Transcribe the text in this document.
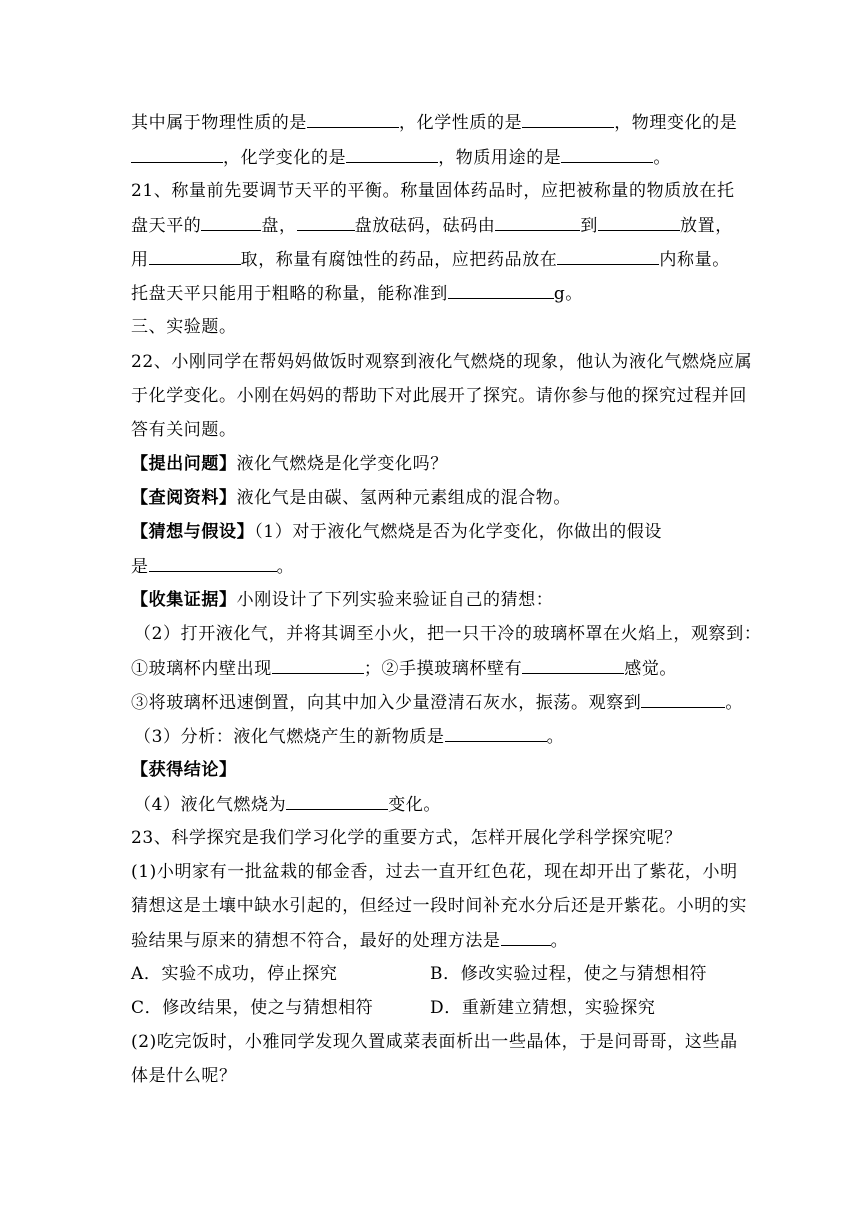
其中属于物理性质的是	，化学性质的是	，物理变化的是
，化学变化的是	，物质用途的是	。
21、称量前先要调节天平的平衡。称量固体药品时，应把被称量的物质放在托
盘天平的	盘，	盘放砝码，砝码由	到	放置，
用	取，称量有腐蚀性的药品，应把药品放在	内称量。
托盘天平只能用于粗略的称量，能称准到	g。
三、实验题。
22、小刚同学在帮妈妈做饭时观察到液化气燃烧的现象，他认为液化气燃烧应属
于化学变化。小刚在妈妈的帮助下对此展开了探究。请你参与他的探究过程并回
答有关问题。
【提出问题】液化气燃烧是化学变化吗？
【查阅资料】液化气是由碳、氢两种元素组成的混合物。
【猜想与假设】（1）对于液化气燃烧是否为化学变化，你做出的假设
是	。
【收集证据】小刚设计了下列实验来验证自己的猜想：
（2）打开液化气，并将其调至小火，把一只干冷的玻璃杯罩在火焰上，观察到：
①玻璃杯内壁出现	；②手摸玻璃杯壁有	感觉。
③将玻璃杯迅速倒置，向其中加入少量澄清石灰水，振荡。观察到	。
（3）分析：液化气燃烧产生的新物质是	。
【获得结论】
（4）液化气燃烧为	变化。
23、科学探究是我们学习化学的重要方式，怎样开展化学科学探究呢？
(1)小明家有一批盆栽的郁金香，过去一直开红色花，现在却开出了紫花，小明
猜想这是土壤中缺水引起的，但经过一段时间补充水分后还是开紫花。小明的实
验结果与原来的猜想不符合，最好的处理方法是	。
A．实验不成功，停止探究	B．修改实验过程，使之与猜想相符
C．修改结果，使之与猜想相符	D．重新建立猜想，实验探究
(2)吃完饭时，小雅同学发现久置咸菜表面析出一些晶体，于是问哥哥，这些晶
体是什么呢？
